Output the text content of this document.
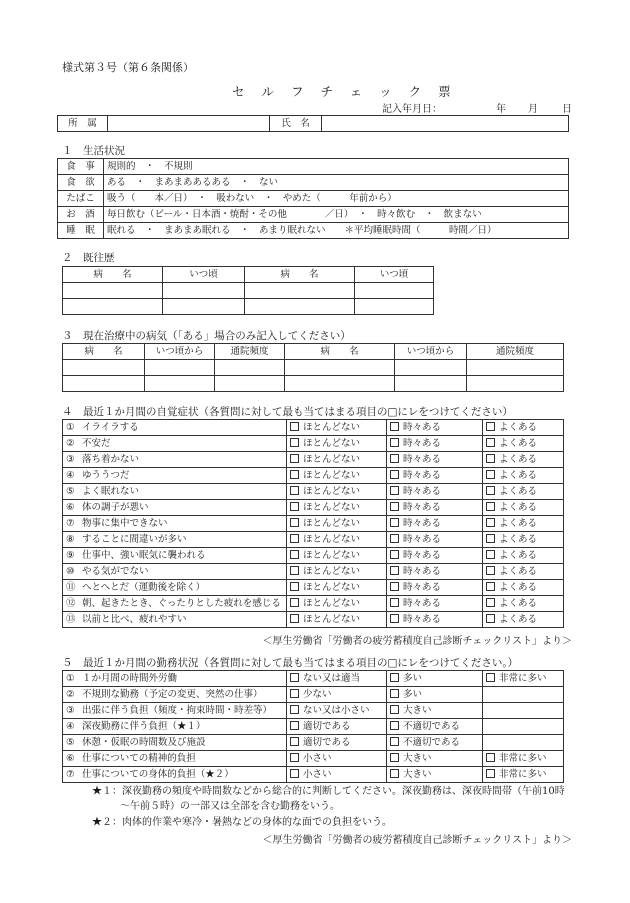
様式第３号（第６条関係）
セルフチェック票
記入年月日：	年 月 日
所　属		氏　名	
１　生活状況
食　事	規則的　・　不規則
食　欲	ある　・　まあまああるある　・　ない
たばこ	吸う（　　本／日）　・　吸わない　・　やめた（　　　年前から）
お　酒	毎日飲む（ビール・日本酒・焼酎・その他　　　　／日）　・　時々飲む　・　飲まない
睡　眠	眠れる　・　まあまあ眠れる　・　あまり眠れない　　＊平均睡眠時間（　　　時間／日）
２　既往歴
病　　名	いつ頃	病　　名	いつ頃

３　現在治療中の病気（「ある」場合のみ記入してください）
病　　名	いつ頃から	通院頻度	病　　名	いつ頃から	通院頻度

４　最近１か月間の自覚症状（各質問に対して最も当てはまる項目の□にレをつけてください）
① イライラする	ほとんどない	時々ある	よくある
② 不安だ	ほとんどない	時々ある	よくある
③ 落ち着かない	ほとんどない	時々ある	よくある
④ ゆううつだ	ほとんどない	時々ある	よくある
⑤ よく眠れない	ほとんどない	時々ある	よくある
⑥ 体の調子が悪い	ほとんどない	時々ある	よくある
⑦ 物事に集中できない	ほとんどない	時々ある	よくある
⑧ することに間違いが多い	ほとんどない	時々ある	よくある
⑨ 仕事中、強い眠気に襲われる	ほとんどない	時々ある	よくある
⑩ やる気がでない	ほとんどない	時々ある	よくある
⑪ へとへとだ（運動後を除く）	ほとんどない	時々ある	よくある
⑫ 朝、起きたとき、ぐったりとした疲れを感じる	ほとんどない	時々ある	よくある
⑬ 以前と比べ、疲れやすい	ほとんどない	時々ある	よくある
＜厚生労働省「労働者の疲労蓄積度自己診断チェックリスト」より＞
５　最近１か月間の勤務状況（各質問に対して最も当てはまる項目の□にレをつけてください。）
① １か月間の時間外労働	ない又は適当	多い	非常に多い
② 不規則な勤務（予定の変更、突然の仕事）	少ない	多い	
③ 出張に伴う負担（頻度・拘束時間・時差等）	ない又は小さい	大きい	
④ 深夜勤務に伴う負担（★１）	適切である	不適切である	
⑤ 休憩・仮眠の時間数及び施設	適切である	不適切である	
⑥ 仕事についての精神的負担	小さい	大きい	非常に多い
⑦ 仕事についての身体的負担（★２）	小さい	大きい	非常に多い
★１：深夜勤務の頻度や時間数などから総合的に判断してください。深夜勤務は、深夜時間帯（午前10時
〜午前５時）の一部又は全部を含む勤務をいう。
★２：肉体的作業や寒冷・暑熱などの身体的な面での負担をいう。
＜厚生労働省「労働者の疲労蓄積度自己診断チェックリスト」より＞
